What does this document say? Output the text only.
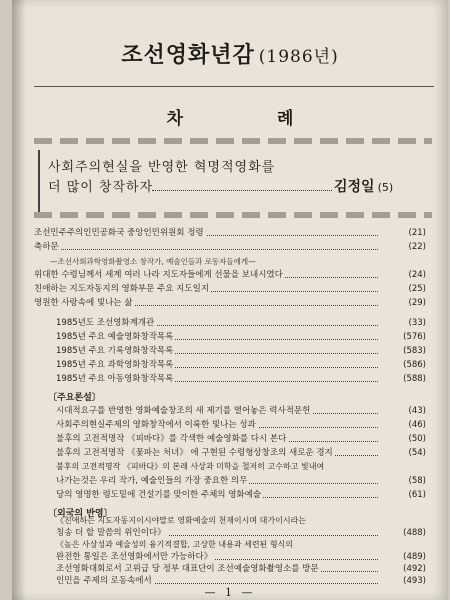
조선영화년감 (1986년)
차 례
사회주의현실을 반영한 혁명적영화를
더 많이 창작하자	김정일 (5)
조선민주주의인민공화국 중앙인민위원회 정령	(21)
축하문	(22)
—조선사회과학영화촬영소 창작가, 예술인들과 로동자들에게—
위대한 수령님께서 세계 여러 나라 지도자들에게 선물을 보내시였다	(24)
친애하는 지도자동지의 영화부문 주요 지도일지	(25)
영원한 사랑속에 빛나는 삶	(29)
1985년도 조선영화계개관	(33)
1985년 주요 예술영화창작목록	(576)
1985년 주요 기록영화창작목록	(583)
1985년 주요 과학영화창작목록	(586)
1985년 주요 아동영화창작목록	(588)
〔주요론설〕
시대적요구를 반영한 영화예술창조의 새 제기를 열어놓은 력사적문헌	(43)
사회주의현실주제의 영화창작에서 이룩한 빛나는 성과	(46)
불후의 고전적명작 《피바다》를 각색한 예술영화를 다시 본다	(50)
불후의 고전적명작 《꽃파는 처녀》 에 구현된 수령형상창조의 새로운 경지	(54)
불후의 고전적명작 《피바다》의 본래 사상과 미학을 철저히 고수하고 빛내여
나가는것은 우리 작가, 예술인들의 가장 중요한 의무	(58)
당의 영명한 령도밑에 건설기를 맞이한 주체의 영화예술	(61)
〔외국의 반영〕
《친애하는 지도자동지이시야말로 영화예술의 천재이시며 대가이시라는
칭송 더 할 말씀의 위인이다》	(488)
《높은 사상성과 예술성의 융기적결합, 고상한 내용과 세련된 형식의
완전한 통일은 조선영화에서만 가능하다》	(489)
조선영화대회로서 고위급 당 정부 대표단이 조선예술영화촬영소를 방문	(492)
인민을 주제의 로동속에서	(493)
— 1 —
